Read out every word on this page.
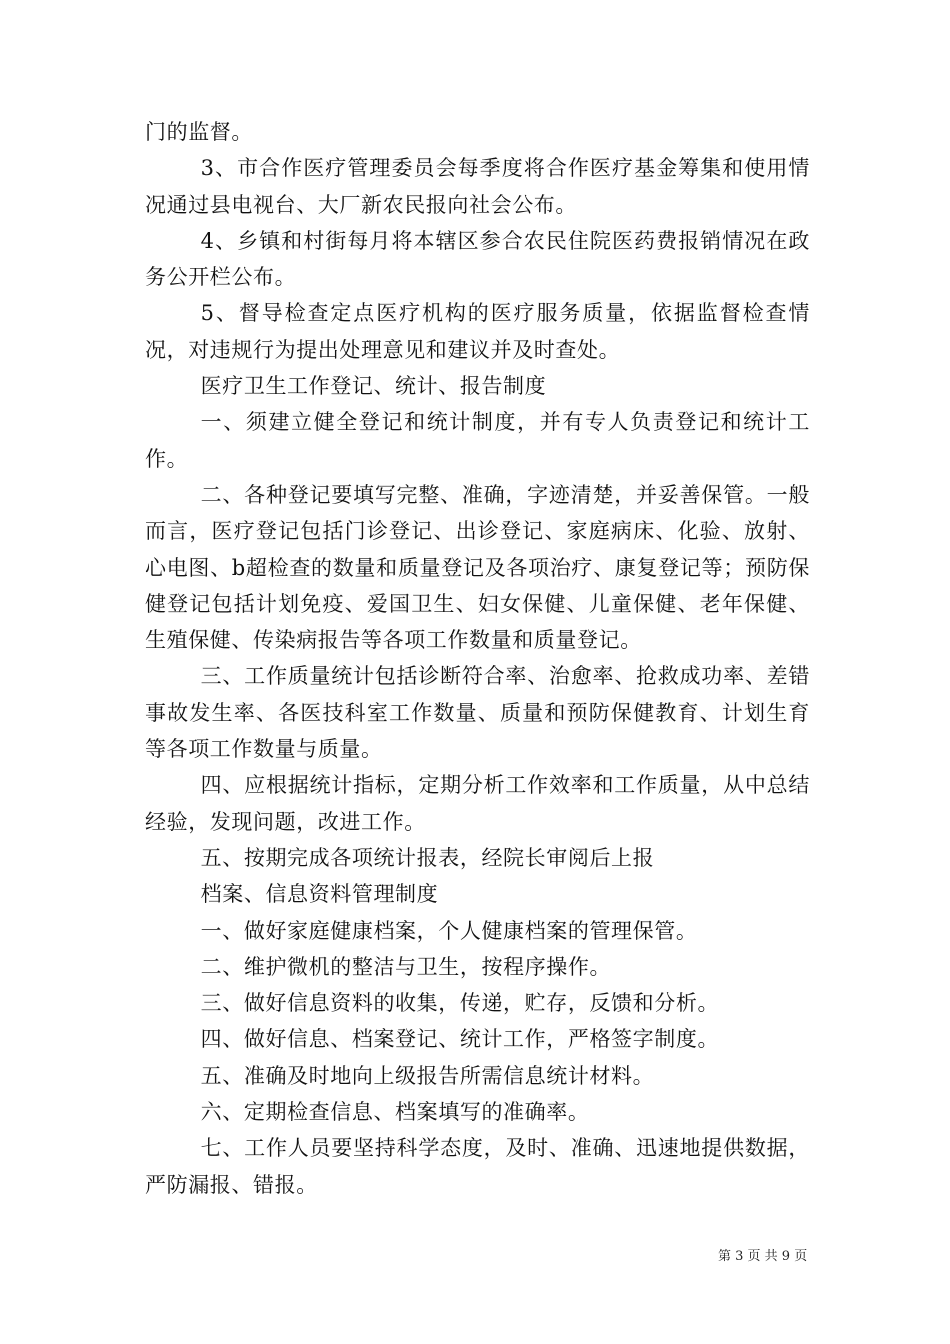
门的监督。

3、市合作医疗管理委员会每季度将合作医疗基金筹集和使用情况通过县电视台、大厂新农民报向社会公布。

4、乡镇和村街每月将本辖区参合农民住院医药费报销情况在政务公开栏公布。

5、督导检查定点医疗机构的医疗服务质量，依据监督检查情况，对违规行为提出处理意见和建议并及时查处。

医疗卫生工作登记、统计、报告制度

一、须建立健全登记和统计制度，并有专人负责登记和统计工作。

二、各种登记要填写完整、准确，字迹清楚，并妥善保管。一般而言，医疗登记包括门诊登记、出诊登记、家庭病床、化验、放射、心电图、b超检查的数量和质量登记及各项治疗、康复登记等；预防保健登记包括计划免疫、爱国卫生、妇女保健、儿童保健、老年保健、生殖保健、传染病报告等各项工作数量和质量登记。

三、工作质量统计包括诊断符合率、治愈率、抢救成功率、差错事故发生率、各医技科室工作数量、质量和预防保健教育、计划生育等各项工作数量与质量。

四、应根据统计指标，定期分析工作效率和工作质量，从中总结经验，发现问题，改进工作。

五、按期完成各项统计报表，经院长审阅后上报

档案、信息资料管理制度

一、做好家庭健康档案，个人健康档案的管理保管。

二、维护微机的整洁与卫生，按程序操作。

三、做好信息资料的收集，传递，贮存，反馈和分析。

四、做好信息、档案登记、统计工作，严格签字制度。

五、准确及时地向上级报告所需信息统计材料。

六、定期检查信息、档案填写的准确率。

七、工作人员要坚持科学态度，及时、准确、迅速地提供数据，严防漏报、错报。

第 3 页 共 9 页
